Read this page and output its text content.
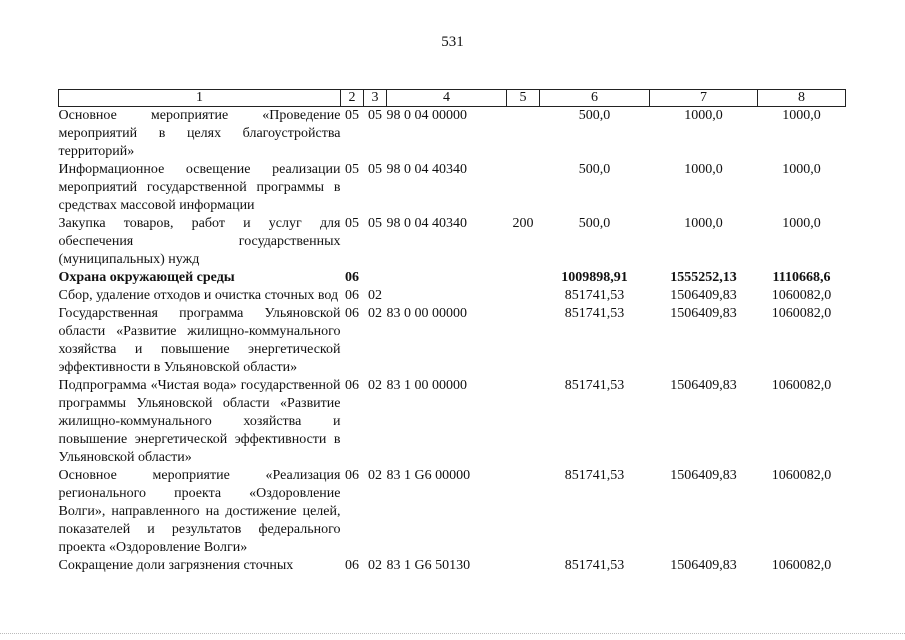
531
1	2	3	4	5	6	7	8
Основное мероприятие «Проведение мероприятий в целях благоустройства территорий»	05	05	98 0 04 00000		500,0	1000,0	1000,0
Информационное освещение реализации мероприятий государственной программы в средствах массовой информации	05	05	98 0 04 40340		500,0	1000,0	1000,0
Закупка товаров, работ и услуг для обеспечения государственных (муниципальных) нужд	05	05	98 0 04 40340	200	500,0	1000,0	1000,0
Охрана окружающей среды	06				1009898,91	1555252,13	1110668,6
Сбор, удаление отходов и очистка сточных вод	06	02			851741,53	1506409,83	1060082,0
Государственная программа Ульяновской области «Развитие жилищно-коммунального хозяйства и повышение энергетической эффективности в Ульяновской области»	06	02	83 0 00 00000		851741,53	1506409,83	1060082,0
Подпрограмма «Чистая вода» государственной программы Ульяновской области «Развитие жилищно-коммунального хозяйства и повышение энергетической эффективности в Ульяновской области»	06	02	83 1 00 00000		851741,53	1506409,83	1060082,0
Основное мероприятие «Реализация регионального проекта «Оздоровление Волги», направленного на достижение целей, показателей и результатов федерального проекта «Оздоровление Волги»	06	02	83 1 G6 00000		851741,53	1506409,83	1060082,0
Сокращение доли загрязнения сточных	06	02	83 1 G6 50130		851741,53	1506409,83	1060082,0
